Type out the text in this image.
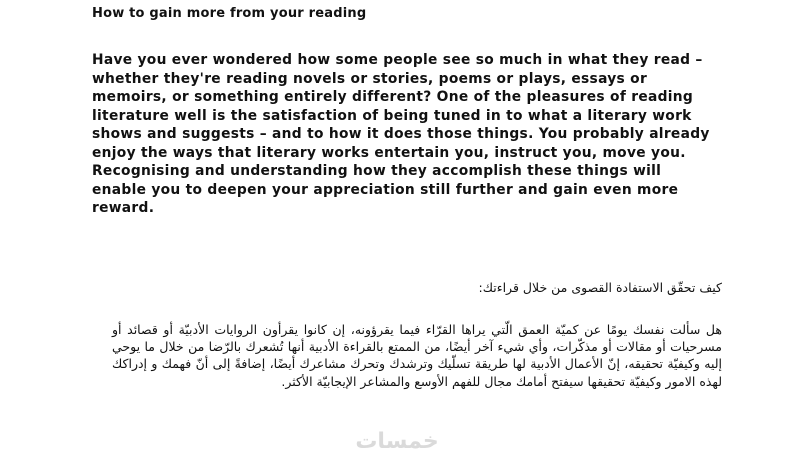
How to gain more from your reading

Have you ever wondered how some people see so much in what they read – whether they're reading novels or stories, poems or plays, essays or memoirs, or something entirely different? One of the pleasures of reading literature well is the satisfaction of being tuned in to what a literary work shows and suggests – and to how it does those things. You probably already enjoy the ways that literary works entertain you, instruct you, move you. Recognising and understanding how they accomplish these things will enable you to deepen your appreciation still further and gain even more reward.

كيف تحقّق الاستفادة القصوى من خلال قراءتك:

هل سألت نفسك يومًا عن كميّة العمق الّتي يراها القرّاء فيما يقرؤونه، إن كانوا يقرأون الروايات الأدبيّة أو قصائد أو مسرحيات أو مقالات أو مذكّرات، وأي شيء آخر أيضًا، من الممتع بالقراءة الأدبية أنها تُشعرك بالرّضا من خلال ما يوحي إليه وكيفيّة تحقيقه، إنّ الأعمال الأدبية لها طريقة تسلّيك وترشدك وتحرك مشاعرك أيضًا، إضافةً إلى أنّ فهمك و إدراكك لهذه الامور وكيفيّة تحقيقها سيفتح أمامك مجال للفهم الأوسع والمشاعر الإيجابيّة الأكثر.

خمسات
